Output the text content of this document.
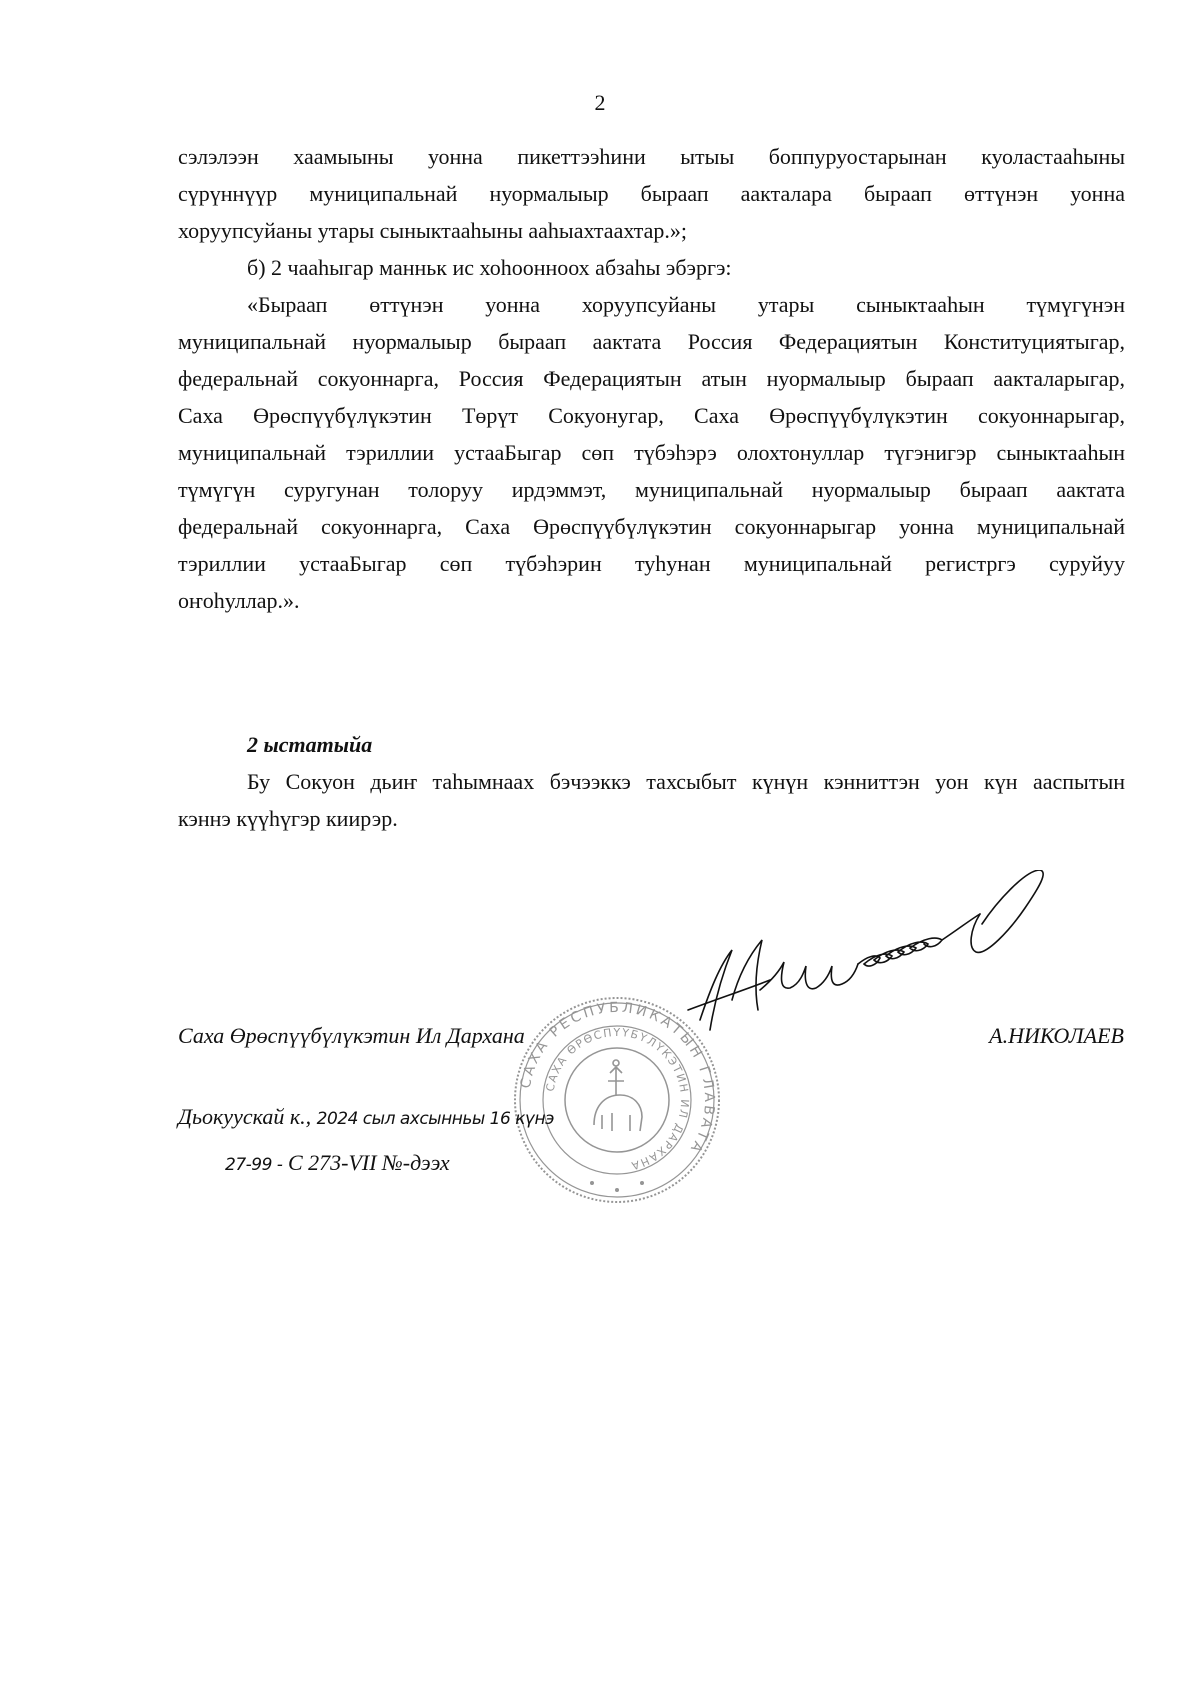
2
сэлэлээн хаамыыны уонна пикеттээһини ытыы боппуруостарынан куоластааһыны
сүрүннүүр муниципальнай нуормалыыр быраап аакталара быраап өттүнэн уонна
хоруупсуйаны утары сыныктааһыны ааһыахтаахтар.»;
б) 2 чааһыгар манньк ис хоһоонноох абзаһы эбэргэ:
«Быраап өттүнэн уонна хоруупсуйаны утары сыныктааһын түмүгүнэн
муниципальнай нуормалыыр быраап аактата Россия Федерациятын Конституциятыгар,
федеральнай сокуоннарга, Россия Федерациятын атын нуормалыыр быраап аакталарыгар,
Саха Өрөспүүбүлүкэтин Төрүт Сокуонугар, Саха Өрөспүүбүлүкэтин сокуоннарыгар,
муниципальнай тэриллии устааБыгар сөп түбэһэрэ олохтонуллар түгэнигэр сыныктааһын
түмүгүн суругунан толоруу ирдэммэт, муниципальнай нуормалыыр быраап аактата
федеральнай сокуоннарга, Саха Өрөспүүбүлүкэтин сокуоннарыгар уонна муниципальнай
тэриллии устааБыгар сөп түбэһэрин туһунан муниципальнай регистргэ суруйуу
оҥоһуллар.».
2 ыстатыйа
Бу Сокуон дьиҥ таһымнаах бэчээккэ тахсыбыт күнүн кэнниттэн уон күн ааспытын
кэннэ күүһүгэр киирэр.
САХА РЕСПУБЛИКАТЫН ГЛАВАТА
САХА ӨРӨСПҮҮБҮЛҮКЭТИН ИЛ ДАРХАНА
Саха Өрөспүүбүлүкэтин Ил Дархана	А.НИКОЛАЕВ
Дьокуускай к., 2024 сыл ахсынньы 16 күнэ
27-99 - С 273-VII №-дээх
